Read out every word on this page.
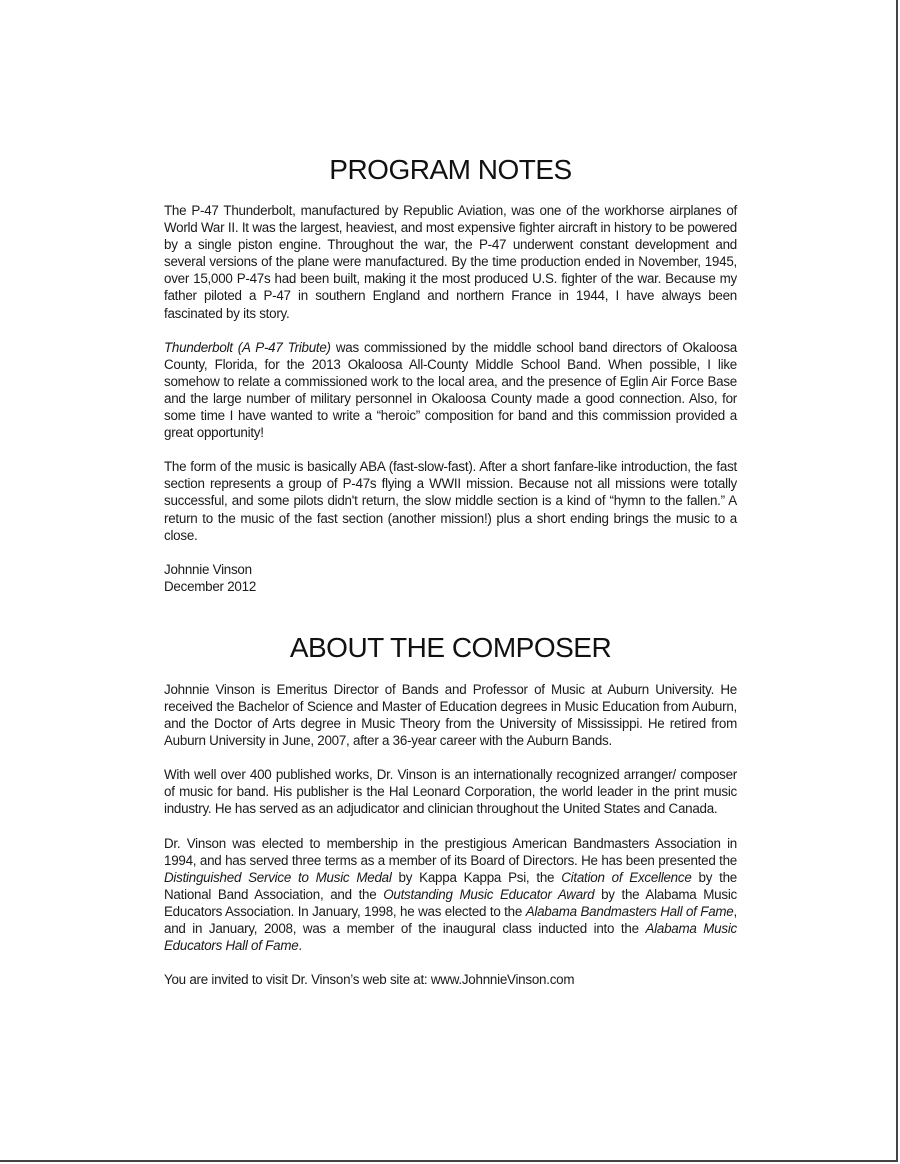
PROGRAM NOTES

The P-47 Thunderbolt, manufactured by Republic Aviation, was one of the workhorse airplanes of World War II. It was the largest, heaviest, and most expensive fighter aircraft in history to be powered by a single piston engine. Throughout the war, the P-47 underwent constant development and several versions of the plane were manufactured. By the time production ended in November, 1945, over 15,000 P-47s had been built, making it the most produced U.S. fighter of the war. Because my father piloted a P-47 in southern England and northern France in 1944, I have always been fascinated by its story.

Thunderbolt (A P-47 Tribute) was commissioned by the middle school band directors of Okaloosa County, Florida, for the 2013 Okaloosa All-County Middle School Band. When possible, I like somehow to relate a commissioned work to the local area, and the presence of Eglin Air Force Base and the large number of military personnel in Okaloosa County made a good connection. Also, for some time I have wanted to write a “heroic” composition for band and this commission provided a great opportunity!

The form of the music is basically ABA (fast-slow-fast). After a short fanfare-like introduction, the fast section represents a group of P-47s flying a WWII mission. Because not all missions were totally successful, and some pilots didn't return, the slow middle section is a kind of “hymn to the fallen.” A return to the music of the fast section (another mission!) plus a short ending brings the music to a close.

Johnnie Vinson
December 2012

ABOUT THE COMPOSER

Johnnie Vinson is Emeritus Director of Bands and Professor of Music at Auburn University. He received the Bachelor of Science and Master of Education degrees in Music Education from Auburn, and the Doctor of Arts degree in Music Theory from the University of Mississippi. He retired from Auburn University in June, 2007, after a 36-year career with the Auburn Bands.

With well over 400 published works, Dr. Vinson is an internationally recognized arranger/ composer of music for band. His publisher is the Hal Leonard Corporation, the world leader in the print music industry. He has served as an adjudicator and clinician throughout the United States and Canada.

Dr. Vinson was elected to membership in the prestigious American Bandmasters Association in 1994, and has served three terms as a member of its Board of Directors. He has been presented the Distinguished Service to Music Medal by Kappa Kappa Psi, the Citation of Excellence by the National Band Association, and the Outstanding Music Educator Award by the Alabama Music Educators Association. In January, 1998, he was elected to the Alabama Bandmasters Hall of Fame, and in January, 2008, was a member of the inaugural class inducted into the Alabama Music Educators Hall of Fame.

You are invited to visit Dr. Vinson’s web site at: www.JohnnieVinson.com
